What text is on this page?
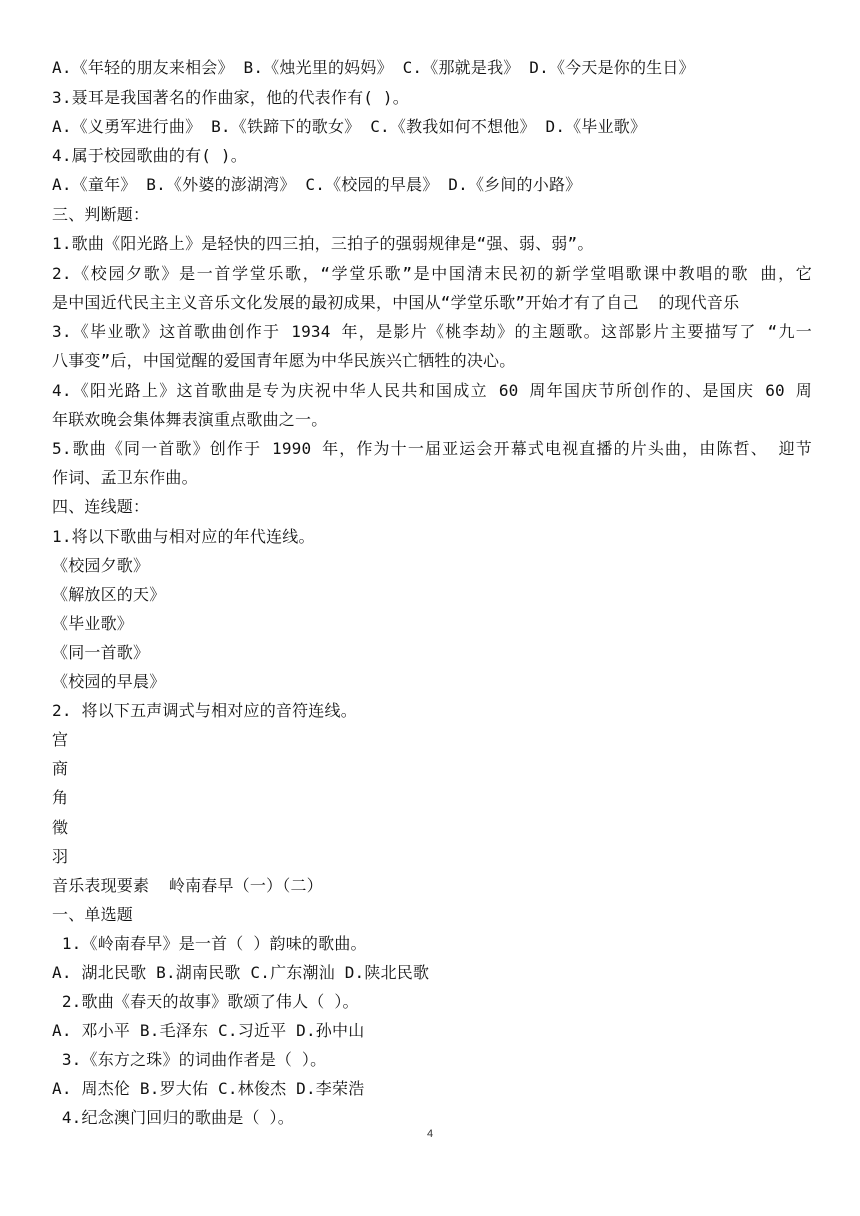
A.《年轻的朋友来相会》 B.《烛光里的妈妈》 C.《那就是我》 D.《今天是你的生日》
3.聂耳是我国著名的作曲家，他的代表作有( )。
A.《义勇军进行曲》 B.《铁蹄下的歌女》 C.《教我如何不想他》 D.《毕业歌》
4.属于校园歌曲的有( )。
A.《童年》 B.《外婆的澎湖湾》 C.《校园的早晨》 D.《乡间的小路》
三、判断题：
1.歌曲《阳光路上》是轻快的四三拍，三拍子的强弱规律是“强、弱、弱”。
2.《校园夕歌》是一首学堂乐歌，“学堂乐歌”是中国清末民初的新学堂唱歌课中教唱的歌 曲，它
是中国近代民主主义音乐文化发展的最初成果，中国从“学堂乐歌”开始才有了自己  的现代音乐
3.《毕业歌》这首歌曲创作于 1934 年，是影片《桃李劫》的主题歌。这部影片主要描写了 “九一
八事变”后，中国觉醒的爱国青年愿为中华民族兴亡牺牲的决心。
4.《阳光路上》这首歌曲是专为庆祝中华人民共和国成立 60 周年国庆节所创作的、是国庆 60 周
年联欢晚会集体舞表演重点歌曲之一。
5.歌曲《同一首歌》创作于 1990 年，作为十一届亚运会开幕式电视直播的片头曲，由陈哲、 迎节
作词、孟卫东作曲。
四、连线题：
1.将以下歌曲与相对应的年代连线。
《校园夕歌》
《解放区的天》
《毕业歌》
《同一首歌》
《校园的早晨》
2. 将以下五声调式与相对应的音符连线。
宫
商
角
徵
羽
音乐表现要素  岭南春早（一）（二）
一、单选题
1.《岭南春早》是一首（ ）韵味的歌曲。
A. 湖北民歌 B.湖南民歌 C.广东潮汕 D.陕北民歌
2.歌曲《春天的故事》歌颂了伟人（ ）。
A. 邓小平 B.毛泽东 C.习近平 D.孙中山
3.《东方之珠》的词曲作者是（ ）。
A. 周杰伦 B.罗大佑 C.林俊杰 D.李荣浩
4.纪念澳门回归的歌曲是（ ）。
4
